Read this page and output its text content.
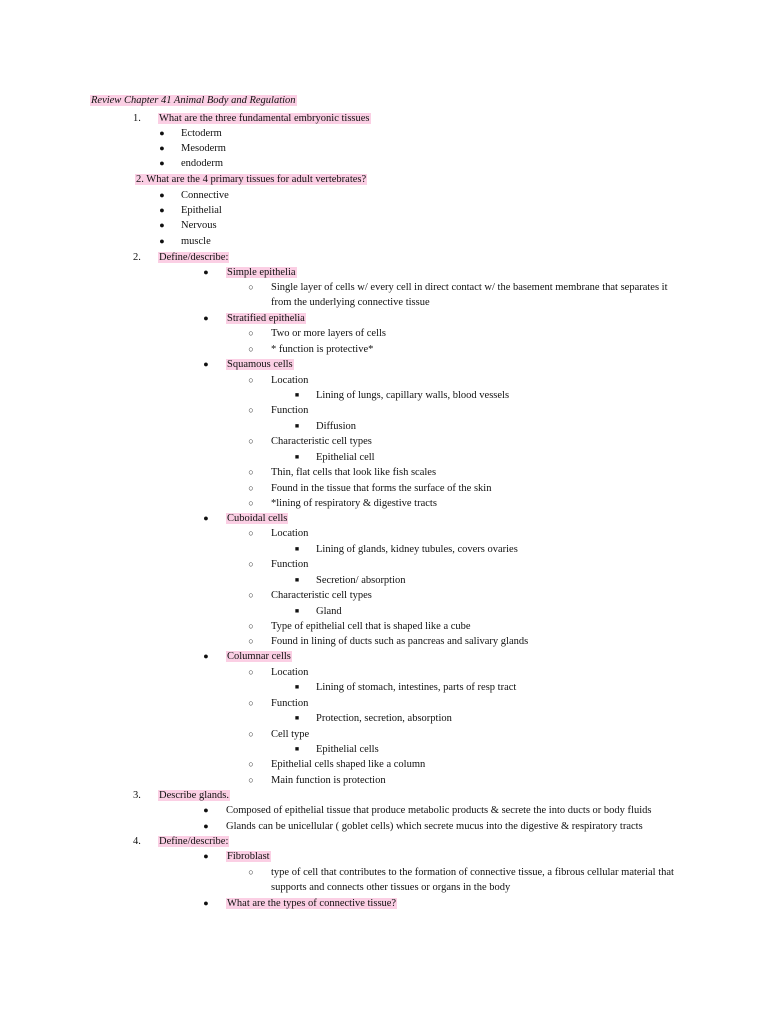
Review Chapter 41 Animal Body and Regulation
1.	What are the three fundamental embryonic tissues
●	Ectoderm
●	Mesoderm
●	endoderm
2. What are the 4 primary tissues for adult vertebrates?
●	Connective
●	Epithelial
●	Nervous
●	muscle
2.	Define/describe:
●	Simple epithelia
○	Single layer of cells w/ every cell in direct contact w/ the basement membrane that separates it
from the underlying connective tissue
●	Stratified epithelia
○	Two or more layers of cells
○	* function is protective*
●	Squamous cells
○	Location
■	Lining of lungs, capillary walls, blood vessels
○	Function
■	Diffusion
○	Characteristic cell types
■	Epithelial cell
○	Thin, flat cells that look like fish scales
○	Found in the tissue that forms the surface of the skin
○	*lining of respiratory & digestive tracts
●	Cuboidal cells
○	Location
■	Lining of glands, kidney tubules, covers ovaries
○	Function
■	Secretion/ absorption
○	Characteristic cell types
■	Gland
○	Type of epithelial cell that is shaped like a cube
○	Found in lining of ducts such as pancreas and salivary glands
●	Columnar cells
○	Location
■	Lining of stomach, intestines, parts of resp tract
○	Function
■	Protection, secretion, absorption
○	Cell type
■	Epithelial cells
○	Epithelial cells shaped like a column
○	Main function is protection
3.	Describe glands.
●	Composed of epithelial tissue that produce metabolic products & secrete the into ducts or body fluids
●	Glands can be unicellular ( goblet cells) which secrete mucus into the digestive & respiratory tracts
4.	Define/describe:
●	Fibroblast
○	type of cell that contributes to the formation of connective tissue, a fibrous cellular material that
supports and connects other tissues or organs in the body
●	What are the types of connective tissue?
